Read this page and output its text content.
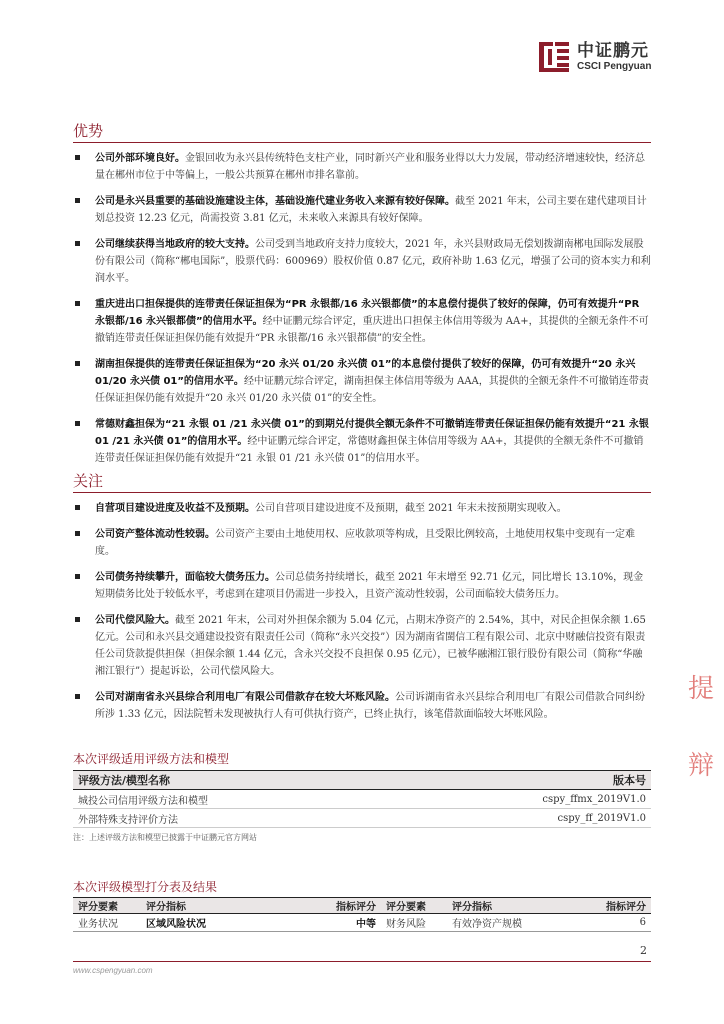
中证鹏元
CSCI Pengyuan
优势
公司外部环境良好。金银回收为永兴县传统特色支柱产业，同时新兴产业和服务业得以大力发展，带动经济增速较快，经济总量在郴州市位于中等偏上，一般公共预算在郴州市排名靠前。
公司是永兴县重要的基础设施建设主体，基础设施代建业务收入来源有较好保障。截至 2021 年末，公司主要在建代建项目计划总投资 12.23 亿元，尚需投资 3.81 亿元，未来收入来源具有较好保障。
公司继续获得当地政府的较大支持。公司受到当地政府支持力度较大，2021 年，永兴县财政局无偿划拨湖南郴电国际发展股份有限公司（简称“郴电国际”，股票代码：600969）股权价值 0.87 亿元，政府补助 1.63 亿元，增强了公司的资本实力和利润水平。
重庆进出口担保提供的连带责任保证担保为“PR 永银都/16 永兴银都债”的本息偿付提供了较好的保障，仍可有效提升“PR 永银都/16 永兴银都债”的信用水平。经中证鹏元综合评定，重庆进出口担保主体信用等级为 AA+，其提供的全额无条件不可撤销连带责任保证担保仍能有效提升“PR 永银都/16 永兴银都债”的安全性。
湖南担保提供的连带责任保证担保为“20 永兴 01/20 永兴债 01”的本息偿付提供了较好的保障，仍可有效提升“20 永兴 01/20 永兴债 01”的信用水平。经中证鹏元综合评定，湖南担保主体信用等级为 AAA，其提供的全额无条件不可撤销连带责任保证担保仍能有效提升“20 永兴 01/20 永兴债 01”的安全性。
常德财鑫担保为“21 永银 01 /21 永兴债 01”的到期兑付提供全额无条件不可撤销连带责任保证担保仍能有效提升“21 永银 01 /21 永兴债 01”的信用水平。经中证鹏元综合评定，常德财鑫担保主体信用等级为 AA+，其提供的全额无条件不可撤销连带责任保证担保仍能有效提升“21 永银 01 /21 永兴债 01”的信用水平。
关注
自营项目建设进度及收益不及预期。公司自营项目建设进度不及预期，截至 2021 年末未按预期实现收入。
公司资产整体流动性较弱。公司资产主要由土地使用权、应收款项等构成，且受限比例较高，土地使用权集中变现有一定难度。
公司债务持续攀升，面临较大债务压力。公司总债务持续增长，截至 2021 年末增至 92.71 亿元，同比增长 13.10%，现金短期债务比处于较低水平，考虑到在建项目仍需进一步投入，且资产流动性较弱，公司面临较大债务压力。
公司代偿风险大。截至 2021 年末，公司对外担保余额为 5.04 亿元，占期末净资产的 2.54%，其中，对民企担保余额 1.65 亿元。公司和永兴县交通建设投资有限责任公司（简称“永兴交投”）因为湖南省閩信工程有限公司、北京中财融信投资有限责任公司贷款提供担保（担保余额 1.44 亿元，含永兴交投不良担保 0.95 亿元），已被华融湘江银行股份有限公司（简称“华融湘江银行”）提起诉讼，公司代偿风险大。
公司对湖南省永兴县综合利用电厂有限公司借款存在较大坏账风险。公司诉湖南省永兴县综合利用电厂有限公司借款合同纠纷所涉 1.33 亿元，因法院暂未发现被执行人有可供执行资产，已终止执行，该笔借款面临较大坏账风险。
本次评级适用评级方法和模型
评级方法/模型名称	版本号
城投公司信用评级方法和模型	cspy_ffmx_2019V1.0
外部特殊支持评价方法	cspy_ff_2019V1.0
注：上述评级方法和模型已披露于中证鹏元官方网站
本次评级模型打分表及结果
评分要素	评分指标	指标评分	评分要素	评分指标	指标评分
业务状况	区域风险状况	中等	财务风险	有效净资产规模	6
2
www.cspengyuan.com
提
辩
